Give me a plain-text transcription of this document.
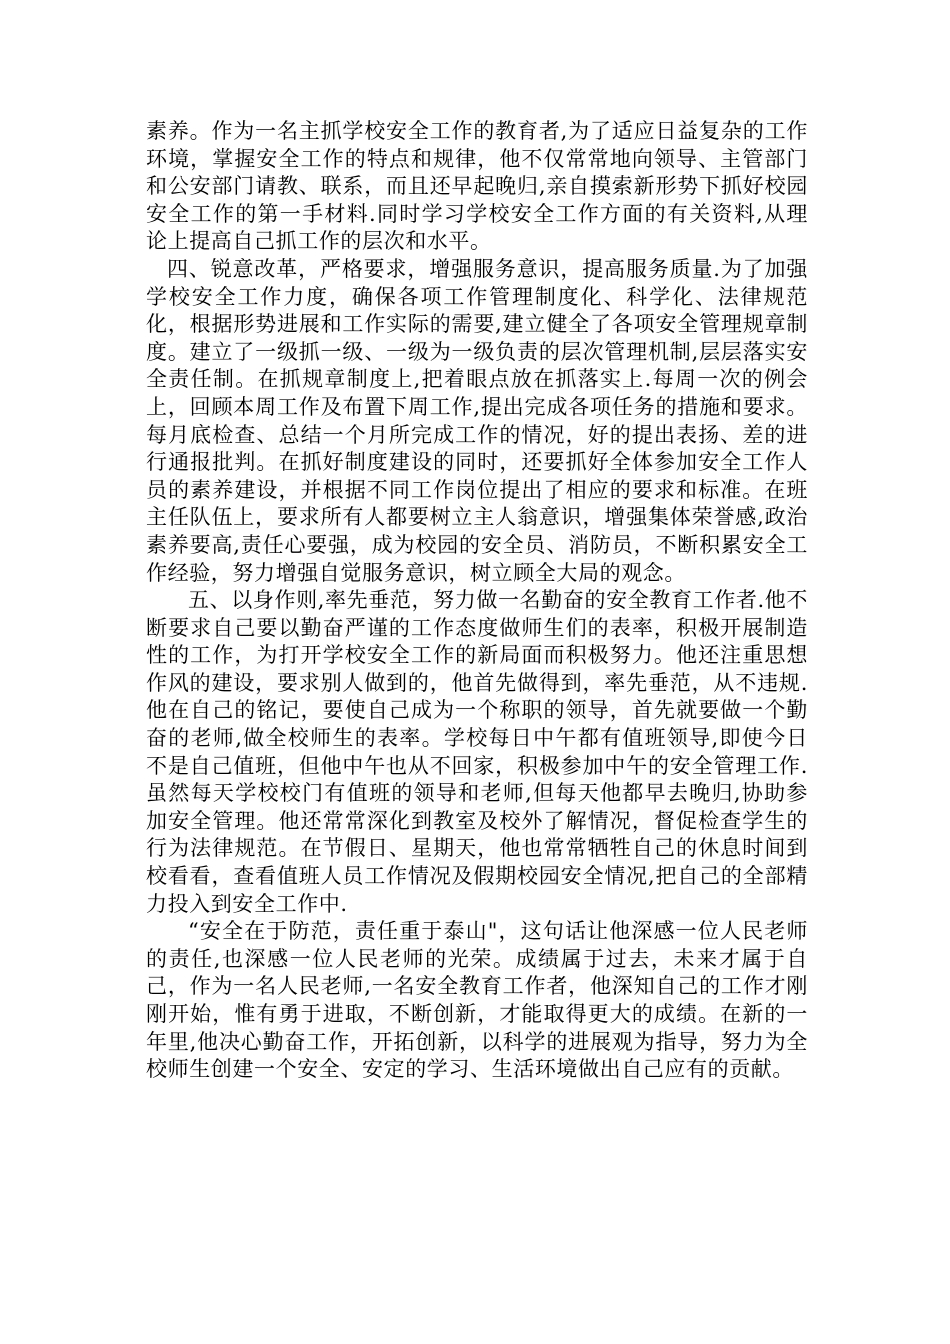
素养。作为一名主抓学校安全工作的教育者,为了适应日益复杂的工作环境，掌握安全工作的特点和规律，他不仅常常地向领导、主管部门和公安部门请教、联系，而且还早起晚归,亲自摸索新形势下抓好校园安全工作的第一手材料.同时学习学校安全工作方面的有关资料,从理论上提高自己抓工作的层次和水平。

四、锐意改革，严格要求，增强服务意识，提高服务质量.为了加强学校安全工作力度，确保各项工作管理制度化、科学化、法律规范化，根据形势进展和工作实际的需要,建立健全了各项安全管理规章制度。建立了一级抓一级、一级为一级负责的层次管理机制,层层落实安全责任制。在抓规章制度上,把着眼点放在抓落实上.每周一次的例会上，回顾本周工作及布置下周工作,提出完成各项任务的措施和要求。每月底检查、总结一个月所完成工作的情况，好的提出表扬、差的进行通报批判。在抓好制度建设的同时，还要抓好全体参加安全工作人员的素养建设，并根据不同工作岗位提出了相应的要求和标准。在班主任队伍上，要求所有人都要树立主人翁意识，增强集体荣誉感,政治素养要高,责任心要强，成为校园的安全员、消防员，不断积累安全工作经验，努力增强自觉服务意识，树立顾全大局的观念。

五、以身作则,率先垂范，努力做一名勤奋的安全教育工作者.他不断要求自己要以勤奋严谨的工作态度做师生们的表率，积极开展制造性的工作，为打开学校安全工作的新局面而积极努力。他还注重思想作风的建设，要求别人做到的，他首先做得到，率先垂范，从不违规.他在自己的铭记，要使自己成为一个称职的领导，首先就要做一个勤奋的老师,做全校师生的表率。学校每日中午都有值班领导,即使今日不是自己值班，但他中午也从不回家，积极参加中午的安全管理工作.虽然每天学校校门有值班的领导和老师,但每天他都早去晚归,协助参加安全管理。他还常常深化到教室及校外了解情况，督促检查学生的行为法律规范。在节假日、星期天，他也常常牺牲自己的休息时间到校看看，查看值班人员工作情况及假期校园安全情况,把自己的全部精力投入到安全工作中.

“安全在于防范，责任重于泰山"，这句话让他深感一位人民老师的责任,也深感一位人民老师的光荣。成绩属于过去，未来才属于自己，作为一名人民老师,一名安全教育工作者，他深知自己的工作才刚刚开始，惟有勇于进取，不断创新，才能取得更大的成绩。在新的一年里,他决心勤奋工作，开拓创新，以科学的进展观为指导，努力为全校师生创建一个安全、安定的学习、生活环境做出自己应有的贡献。
